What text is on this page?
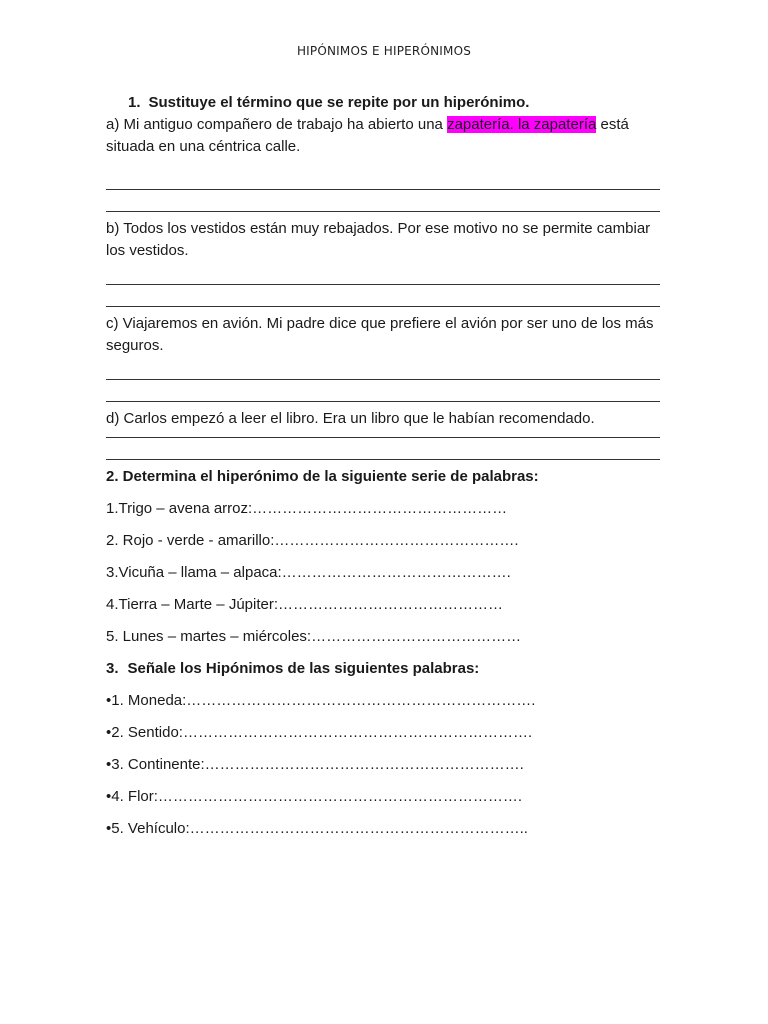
HIPÓNIMOS E HIPERÓNIMOS
1. Sustituye el término que se repite por un hiperónimo.

a) Mi antiguo compañero de trabajo ha abierto una zapatería. la zapatería está situada en una céntrica calle.

b) Todos los vestidos están muy rebajados. Por ese motivo no se permite cambiar los vestidos.

c) Viajaremos en avión. Mi padre dice que prefiere el avión por ser uno de los más seguros.

d) Carlos empezó a leer el libro. Era un libro que le habían recomendado.

2. Determina el hiperónimo de la siguiente serie de palabras:

1.Trigo – avena arroz:……………………………………………

2. Rojo - verde - amarillo:………………………………………….

3.Vicuña – llama – alpaca:……………………………………….

4.Tierra – Marte – Júpiter:………………………………………

5. Lunes – martes – miércoles:……………………………………

3. Señale los Hipónimos de las siguientes palabras:

•1. Moneda:…………………………………………………………….

•2. Sentido:…………………………………………………………….

•3. Continente:……………………………………………………….

•4. Flor:……………………………………………………………….

•5. Vehículo:…………………………………………………………..
